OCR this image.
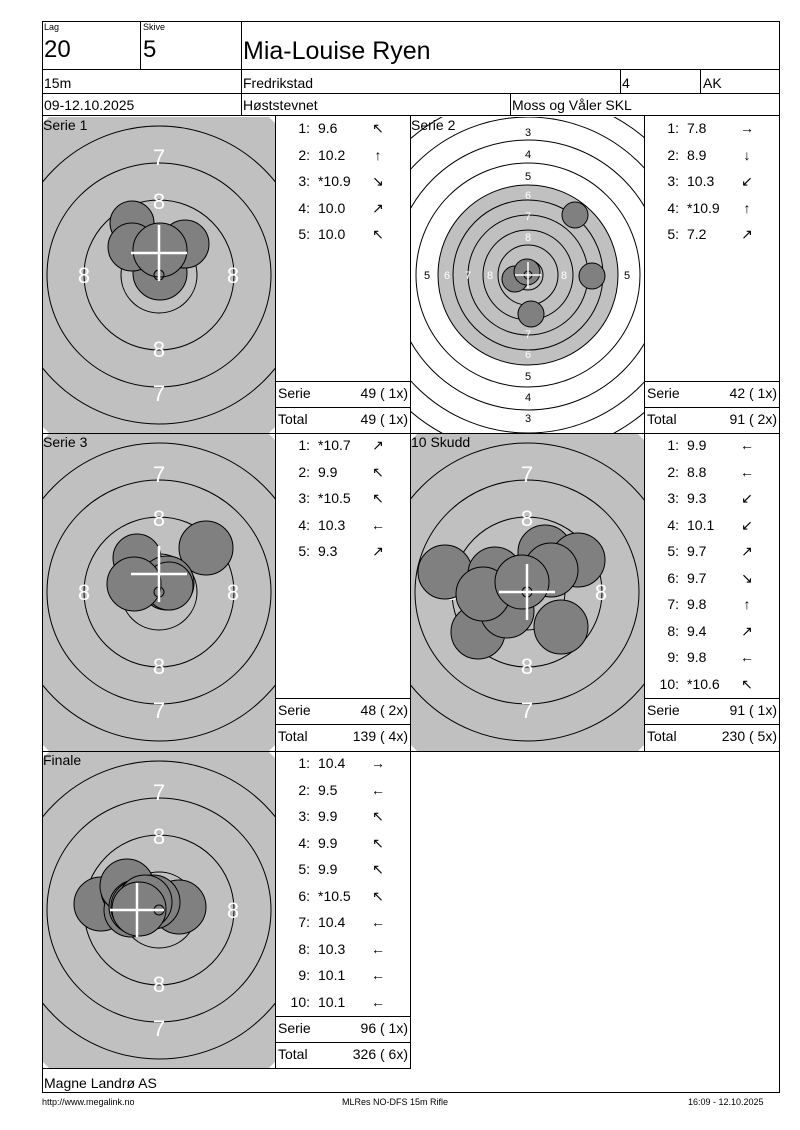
Lag
20
Skive
5	Mia-Louise Ryen
15m	Fredrikstad	4	AK
09-12.10.2025	Høststevnet	Moss og Våler SKL
7
8
8
7
8	8
Serie 1	3
4
5
6
7
8
7
6
5
4
3
5 6 7 8	8	5
Serie 2
7
8
8
7
8	8
Serie 3
7
8
8
7
8
10 Skudd
7
8
8
7
8
Finale
1: 9.6	↖
2: 10.2	↑
3: *10.9	↘
4: 10.0	↗
5: 10.0	↖
1: 7.8	→
2: 8.9	↓
3: 10.3	↙
4: *10.9	↑
5: 7.2	↗
1: *10.7	↗
2: 9.9	↖
3: *10.5	↖
4: 10.3	←
5: 9.3	↗
1: 9.9	←
2: 8.8	←
3: 9.3	↙
4: 10.1	↙
5: 9.7	↗
6: 9.7	↘
7: 9.8	↑
8: 9.4	↗
9: 9.8	←
10: *10.6	↖
1: 10.4	→
2: 9.5	←
3: 9.9	↖
4: 9.9	↖
5: 9.9	↖
6: *10.5	↖
7: 10.4	←
8: 10.3	←
9: 10.1	←
10: 10.1	←
Serie	49 ( 1x)
Total	49 ( 1x)
Serie	42 ( 1x)
Total	91 ( 2x)
Serie	48 ( 2x)
Total	139 ( 4x)
Serie	91 ( 1x)
Total	230 ( 5x)
Serie	96 ( 1x)
Total	326 ( 6x)
Magne Landrø AS
http://www.megalink.no	MLRes NO-DFS 15m Rifle	16:09 - 12.10.2025
